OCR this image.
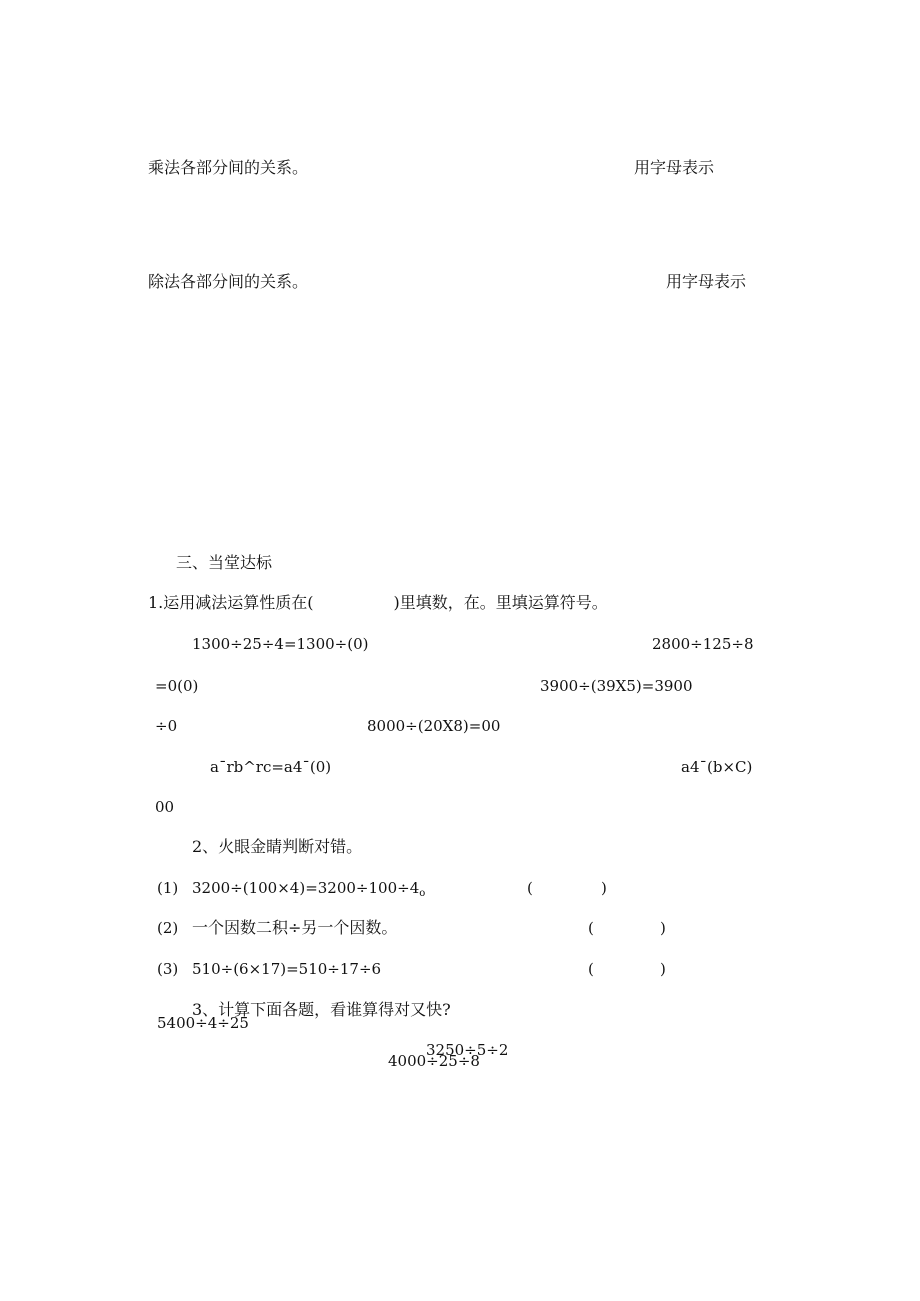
乘法各部分间的关系。	用字母表示
除法各部分间的关系。	用字母表示
三、当堂达标
1.运用减法运算性质在(	)里填数，在。里填运算符号。
1300÷25÷4=1300÷(0)	2800÷125÷8
=0(0)	3900÷(39X5)=3900
÷0	8000÷(20X8)=00
a¯rb^rc=a4¯(0)	a4¯(b×C)
00
2、火眼金睛判断对错。
(1) $3200\div(100\times 4)=3200\div 100\div 4_o$	(	)
(2) 一个因数二积÷另一个因数。	(	)
(3) 510÷(6×17)=510÷17÷6	(	)
3、计算下面各题，看谁算得对又快?
5400÷4÷25
3250÷5÷2
4000÷25÷8
